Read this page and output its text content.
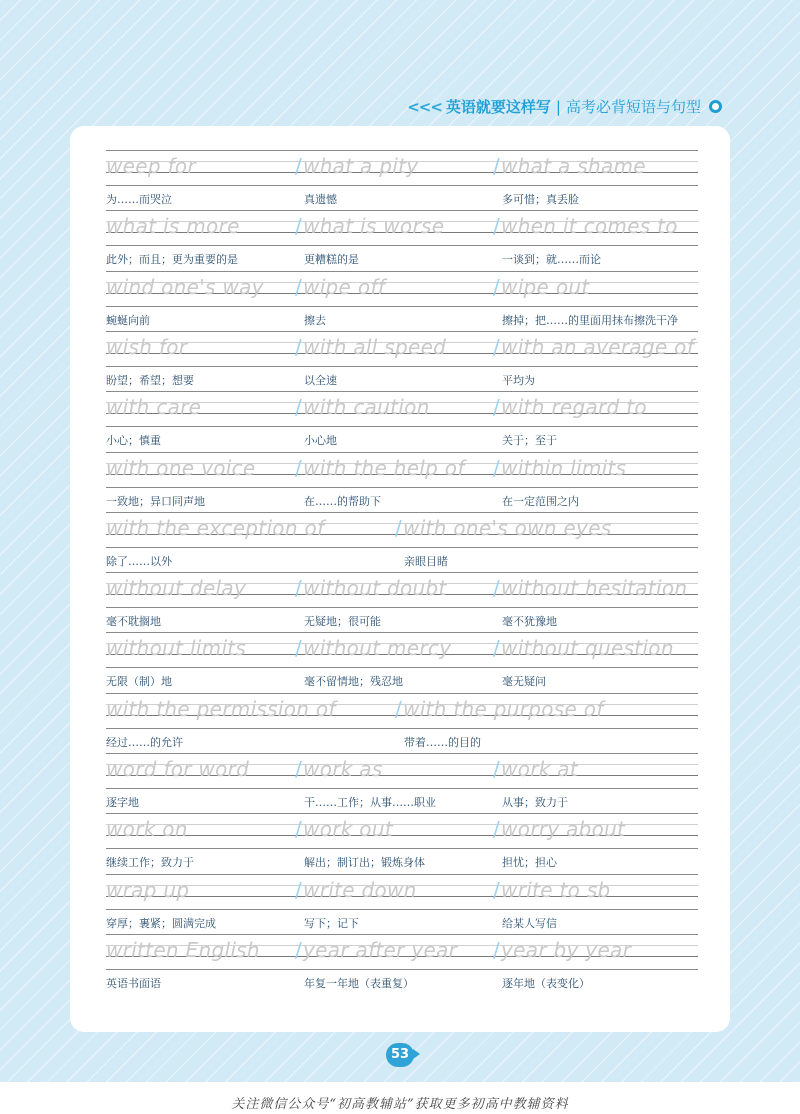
<<< 英语就要这样写 | 高考必背短语与句型
weep for	/what a pity	/what a shame
为……而哭泣	真遗憾	多可惜；真丢脸
what is more	/what is worse /when it comes to
此外；而且；更为重要的是	更糟糕的是	一谈到；就……而论
wind one's way /wipe off	/wipe out
蜿蜒向前	擦去	擦掉；把……的里面用抹布擦洗干净
wish for	/with all speed /with an average of
盼望；希望；想要	以全速	平均为
with care	/with caution	/with regard to
小心；慎重	小心地	关于；至于
with one voice /with the help of /within limits
一致地；异口同声地	在……的帮助下	在一定范围之内
with the exception of	/with one's own eyes
除了……以外	亲眼目睹
without delay /without doubt /without hesitation
毫不耽搁地	无疑地；很可能	毫不犹豫地
without limits /without mercy /without question
无限（制）地	毫不留情地；残忍地	毫无疑问
with the permission of	/with the purpose of
经过……的允许	带着……的目的
word for word /work as	/work at
逐字地	干……工作；从事……职业	从事；致力于
work on	/work out	/worry about
继续工作；致力于	解出；制订出；锻炼身体	担忧；担心
wrap up	/write down	/write to sb
穿厚；裹紧；圆满完成	写下；记下	给某人写信
written English /year after year /year by year
英语书面语	年复一年地（表重复）	逐年地（表变化）
53
关注微信公众号“初高教辅站”获取更多初高中教辅资料
